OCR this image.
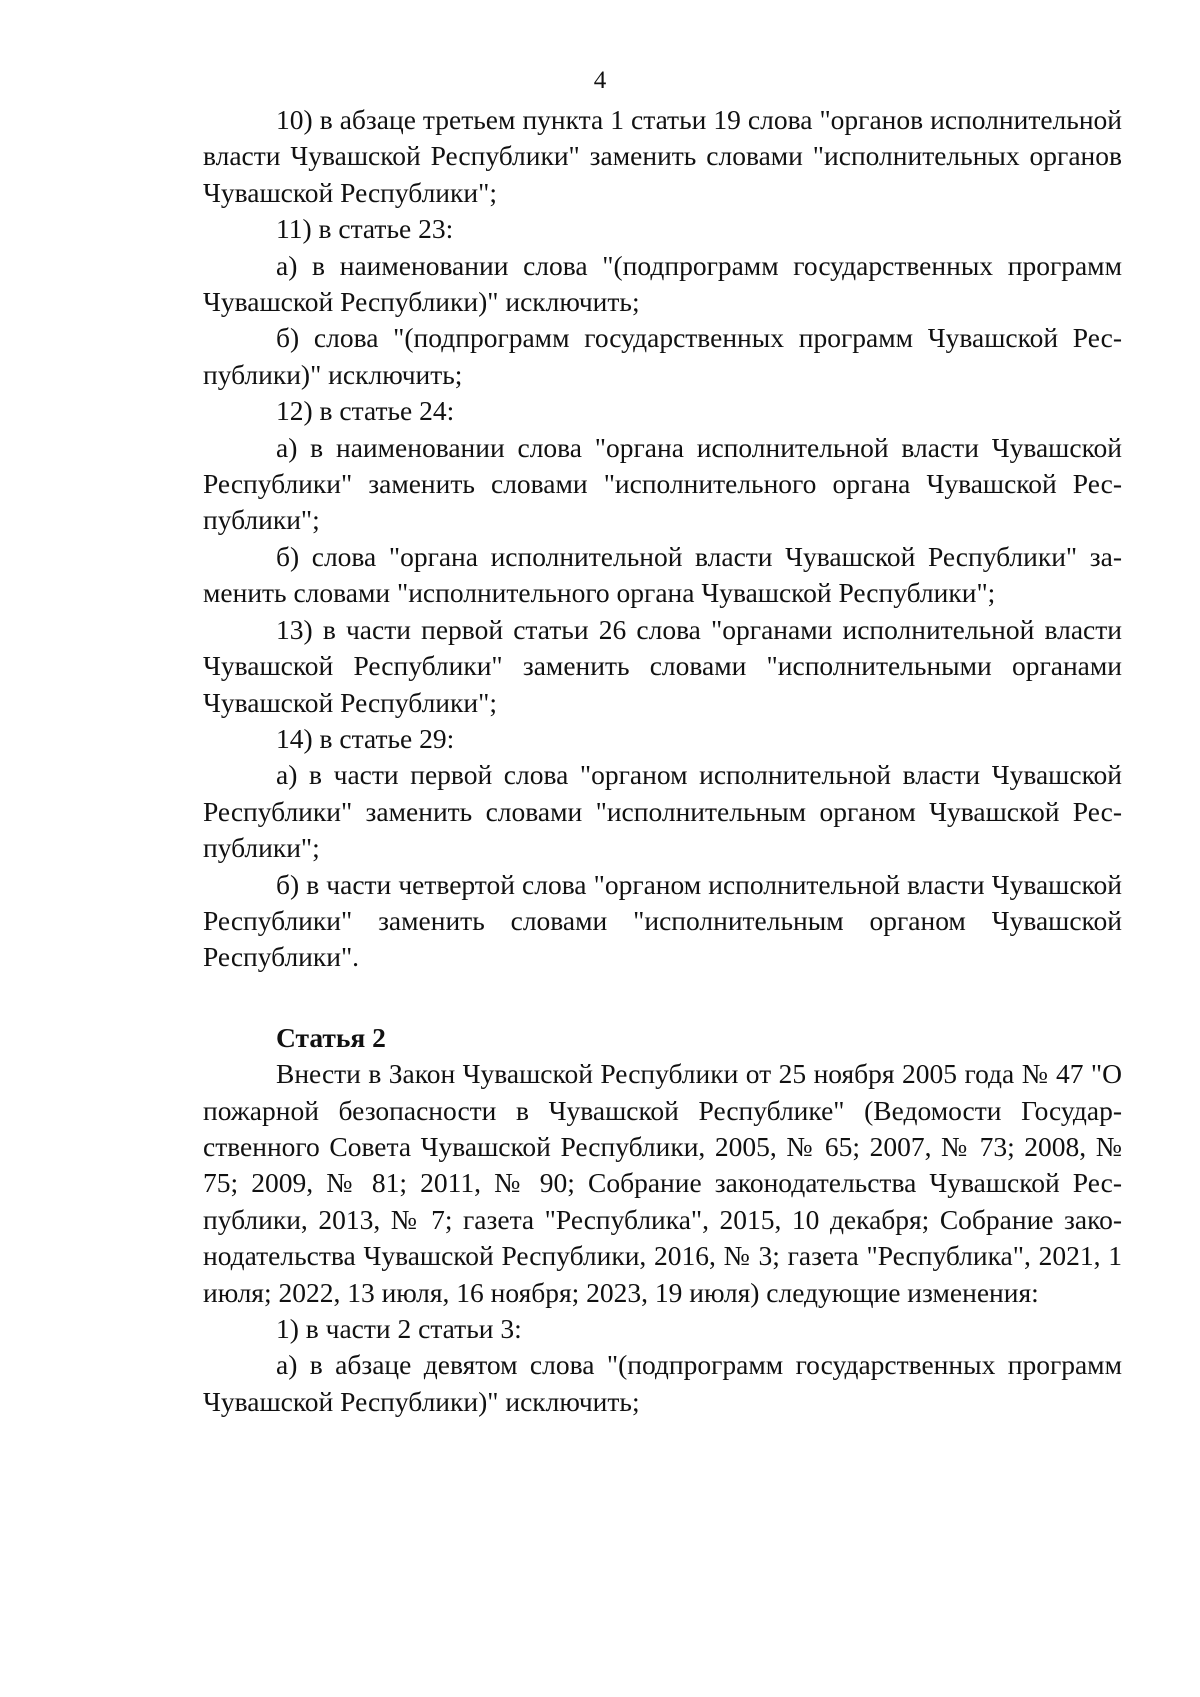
4

10) в абзаце третьем пункта 1 статьи 19 слова "органов исполнительной власти Чувашской Республики" заменить словами "исполнительных органов Чувашской Республики";

11) в статье 23:

а) в наименовании слова "(подпрограмм государственных программ Чувашской Республики)" исключить;

б) слова "(подпрограмм государственных программ Чувашской Республики)" исключить;

12) в статье 24:

а) в наименовании слова "органа исполнительной власти Чувашской Республики" заменить словами "исполнительного органа Чувашской Республики";

б) слова "органа исполнительной власти Чувашской Республики" заменить словами "исполнительного органа Чувашской Республики";

13) в части первой статьи 26 слова "органами исполнительной власти Чувашской Республики" заменить словами "исполнительными органами Чувашской Республики";

14) в статье 29:

а) в части первой слова "органом исполнительной власти Чувашской Республики" заменить словами "исполнительным органом Чувашской Республики";

б) в части четвертой слова "органом исполнительной власти Чувашской Республики" заменить словами "исполнительным органом Чувашской Республики".

Статья 2

Внести в Закон Чувашской Республики от 25 ноября 2005 года № 47 "О пожарной безопасности в Чувашской Республике" (Ведомости Государственного Совета Чувашской Республики, 2005, № 65; 2007, № 73; 2008, № 75; 2009, № 81; 2011, № 90; Собрание законодательства Чувашской Республики, 2013, № 7; газета "Республика", 2015, 10 декабря; Собрание законодательства Чувашской Республики, 2016, № 3; газета "Республика", 2021, 1 июля; 2022, 13 июля, 16 ноября; 2023, 19 июля) следующие изменения:

1) в части 2 статьи 3:

а) в абзаце девятом слова "(подпрограмм государственных программ Чувашской Республики)" исключить;
